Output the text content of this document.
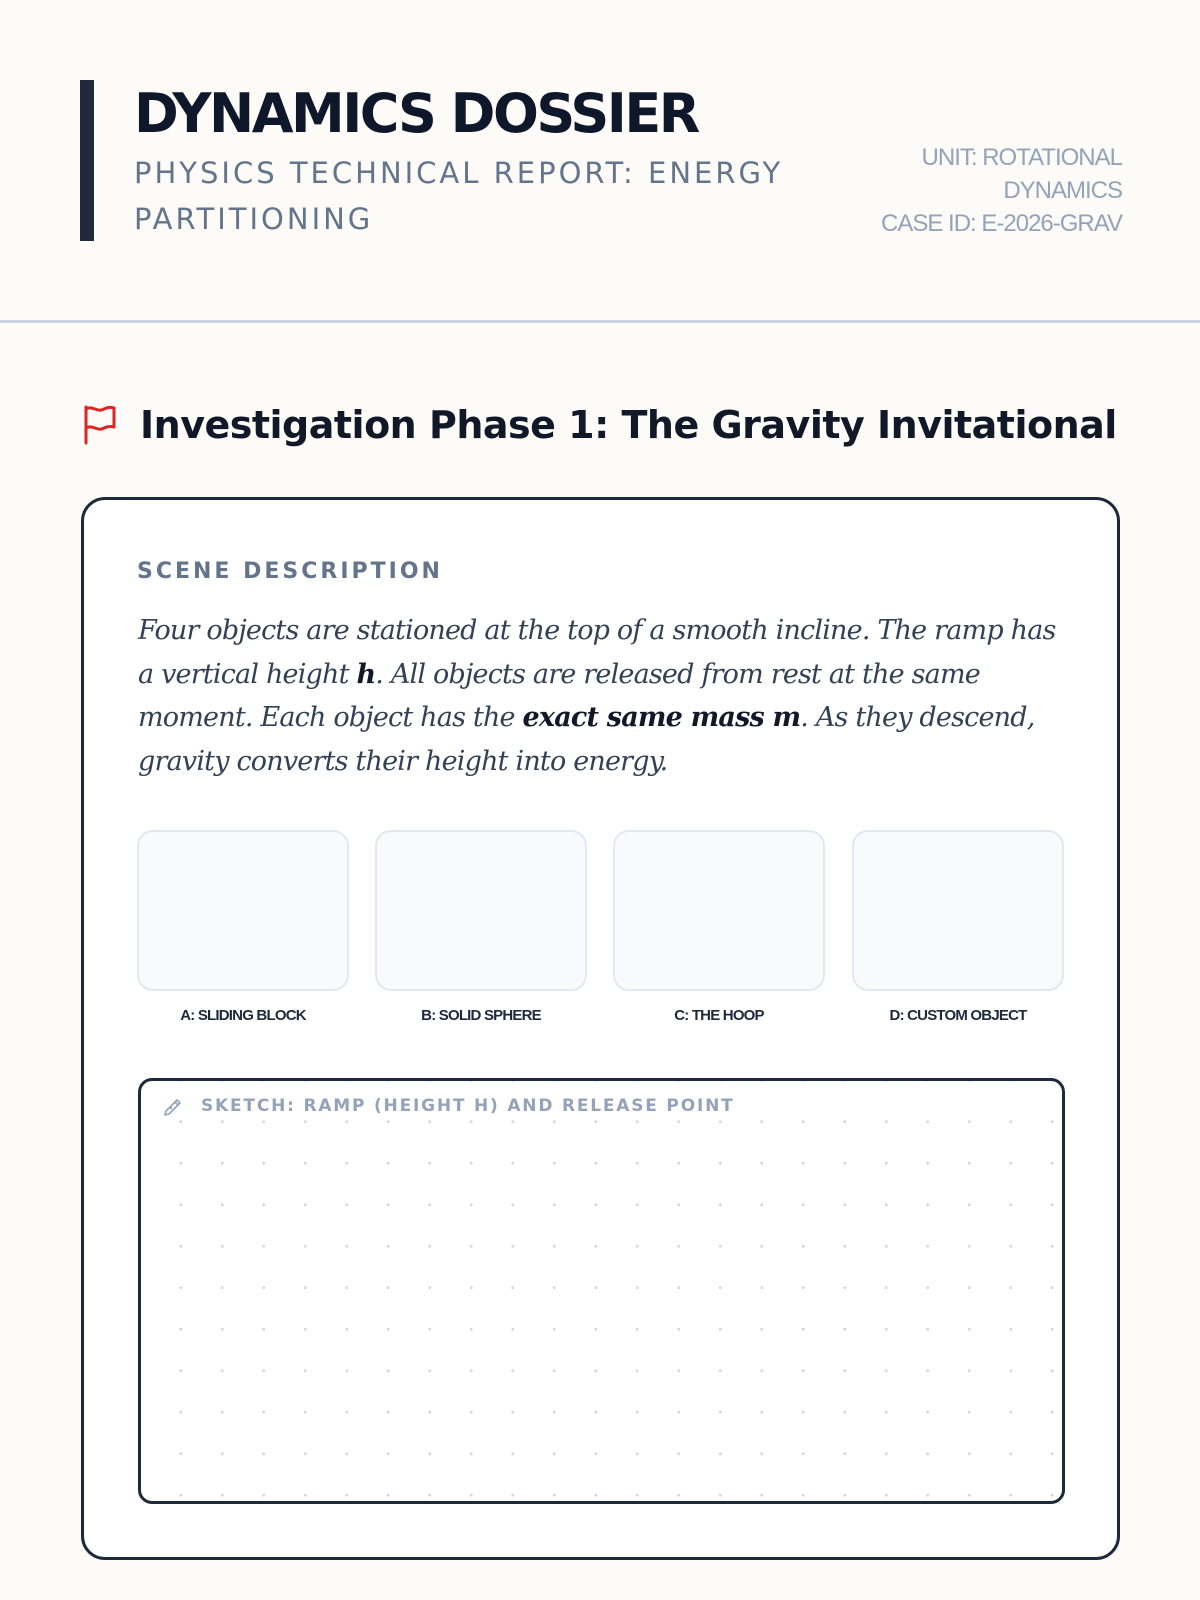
DYNAMICS DOSSIER
PHYSICS TECHNICAL REPORT: ENERGY PARTITIONING
UNIT: ROTATIONAL
DYNAMICS
CASE ID: E-2026-GRAV
Investigation Phase 1: The Gravity Invitational
SCENE DESCRIPTION

Four objects are stationed at the top of a smooth incline. The ramp has a vertical height h. All objects are released from rest at the same moment. Each object has the exact same mass m. As they descend, gravity converts their height into energy.

A: SLIDING BLOCK	B: SOLID SPHERE	C: THE HOOP	D: CUSTOM OBJECT
SKETCH: RAMP (HEIGHT H) AND RELEASE POINT
